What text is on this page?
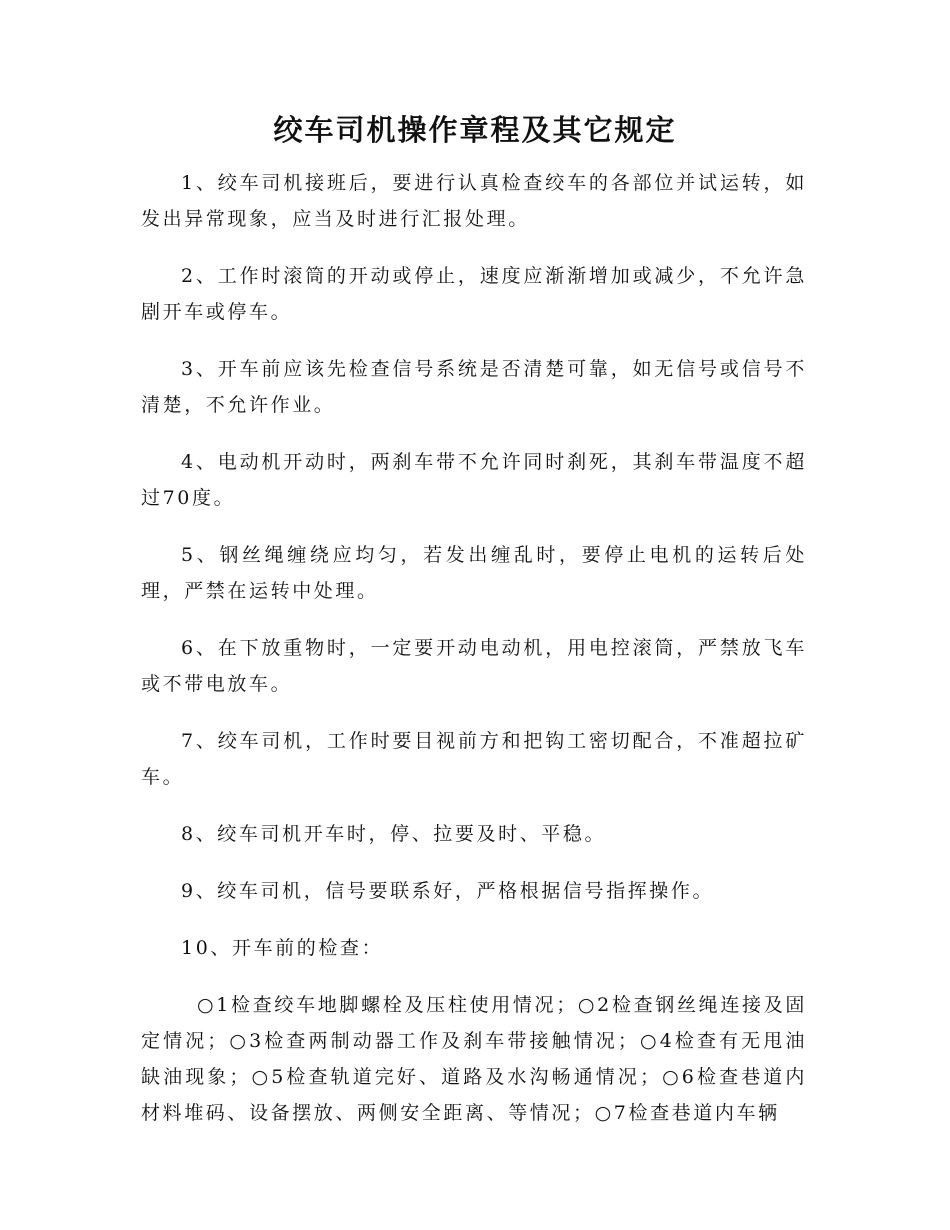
绞车司机操作章程及其它规定

1、绞车司机接班后，要进行认真检查绞车的各部位并试运转，如发出异常现象，应当及时进行汇报处理。

2、工作时滚筒的开动或停止，速度应渐渐增加或减少，不允许急剧开车或停车。

3、开车前应该先检查信号系统是否清楚可靠，如无信号或信号不清楚，不允许作业。

4、电动机开动时，两刹车带不允许同时刹死，其刹车带温度不超过70度。

5、钢丝绳缠绕应均匀，若发出缠乱时，要停止电机的运转后处理，严禁在运转中处理。

6、在下放重物时，一定要开动电动机，用电控滚筒，严禁放飞车或不带电放车。

7、绞车司机，工作时要目视前方和把钩工密切配合，不准超拉矿车。

8、绞车司机开车时，停、拉要及时、平稳。

9、绞车司机，信号要联系好，严格根据信号指挥操作。

10、开车前的检查：

○1检查绞车地脚螺栓及压柱使用情况；○2检查钢丝绳连接及固定情况；○3检查两制动器工作及刹车带接触情况；○4检查有无甩油缺油现象；○5检查轨道完好、道路及水沟畅通情况；○6检查巷道内材料堆码、设备摆放、两侧安全距离、等情况；○7检查巷道内车辆
